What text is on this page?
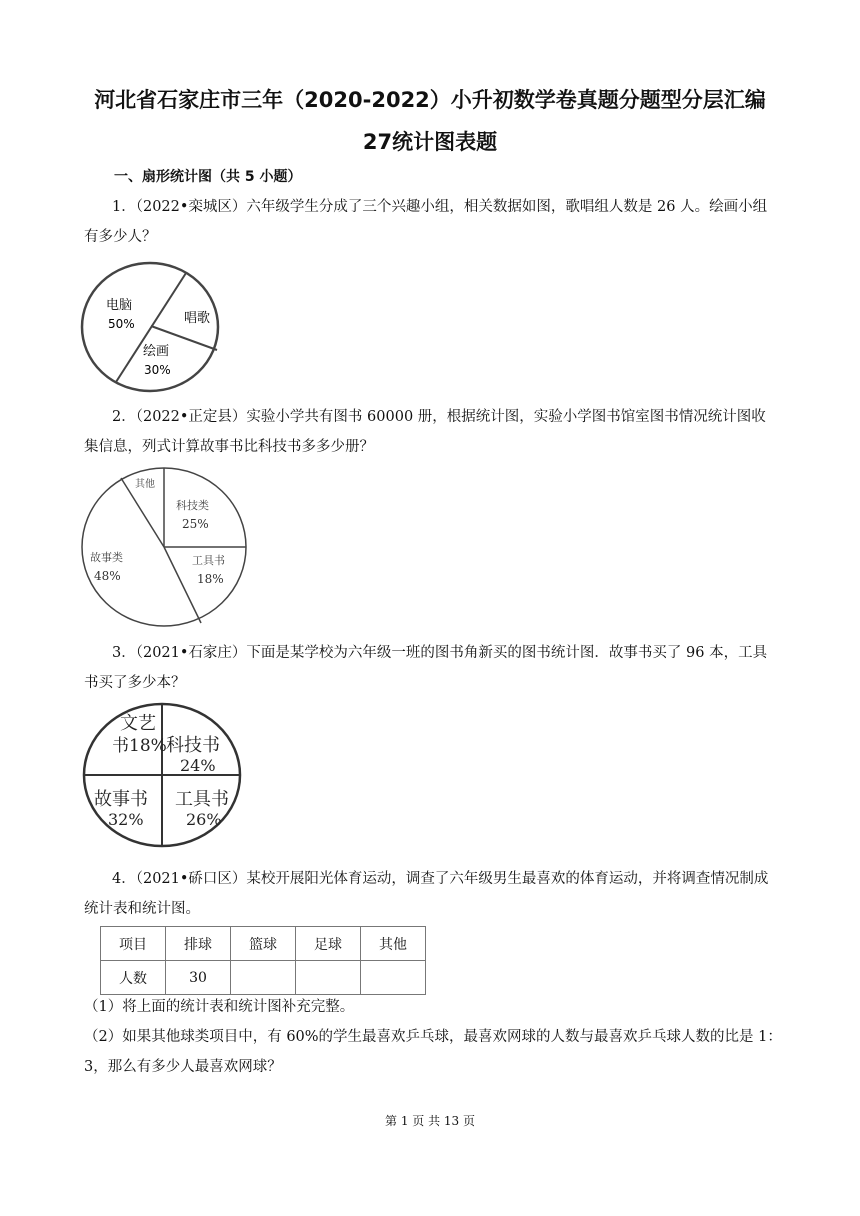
河北省石家庄市三年（2020-2022）小升初数学卷真题分题型分层汇编
27统计图表题
一、扇形统计图（共 5 小题）
1．（2022•栾城区）六年级学生分成了三个兴趣小组，相关数据如图，歌唱组人数是 26 人。绘画小组有多少人？
电脑
50%	唱歌
绘画
30%
2．（2022•正定县）实验小学共有图书 60000 册，根据统计图，实验小学图书馆室图书情况统计图收集信息，列式计算故事书比科技书多多少册？
其他
科技类
25%
工具书
18%
故事类
48%
3．（2021•石家庄）下面是某学校为六年级一班的图书角新买的图书统计图．故事书买了 96 本，工具书买了多少本？
文艺
书18% 科技书
24%
故事书
32%
工具书
26%
4．（2021•硚口区）某校开展阳光体育运动，调查了六年级男生最喜欢的体育运动，并将调查情况制成统计表和统计图。
项目	排球	篮球	足球	其他
人数	30			
（1）将上面的统计表和统计图补充完整。
（2）如果其他球类项目中，有 60%的学生最喜欢乒乓球，最喜欢网球的人数与最喜欢乒乓球人数的比是 1：3，那么有多少人最喜欢网球？
第 1 页 共 13 页
